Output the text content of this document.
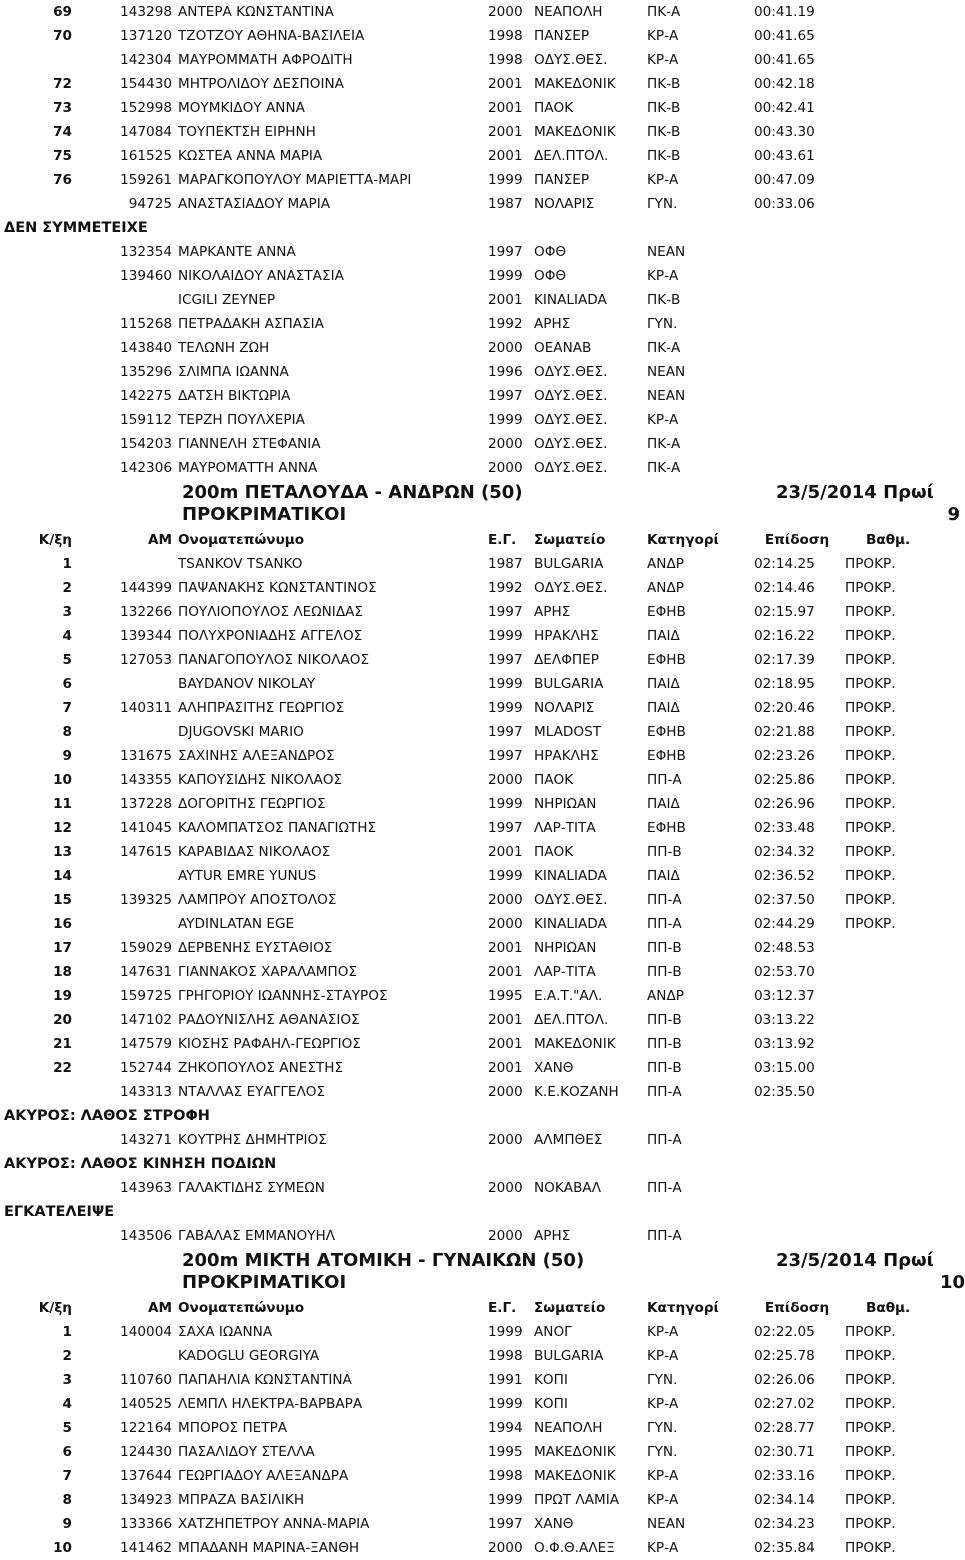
69	143298 ΑΝΤΕΡΑ ΚΩΝΣΤΑΝΤΙΝΑ	2000 ΝΕΑΠΟΛΗ	ΠΚ-Α	00:41.19
70	137120 ΤΖΟΤΖΟΥ ΑΘΗΝΑ-ΒΑΣΙΛΕΙΑ	1998 ΠΑΝΣΕΡ	ΚΡ-Α	00:41.65
142304 ΜΑΥΡΟΜΜΑΤΗ ΑΦΡΟΔΙΤΗ	1998 ΟΔΥΣ.ΘΕΣ.	ΚΡ-Α	00:41.65
72	154430 ΜΗΤΡΟΛΙΔΟΥ ΔΕΣΠΟΙΝΑ	2001 ΜΑΚΕΔΟΝΙΚ	ΠΚ-Β	00:42.18
73	152998 ΜΟΥΜΚΙΔΟΥ ΑΝΝΑ	2001 ΠΑΟΚ	ΠΚ-Β	00:42.41
74	147084 ΤΟΥΠΕΚΤΣΗ ΕΙΡΗΝΗ	2001 ΜΑΚΕΔΟΝΙΚ	ΠΚ-Β	00:43.30
75	161525 ΚΩΣΤΕΑ ΑΝΝΑ ΜΑΡΙΑ	2001 ΔΕΛ.ΠΤΟΛ.	ΠΚ-Β	00:43.61
76	159261 ΜΑΡΑΓΚΟΠΟΥΛΟΥ ΜΑΡΙΕΤΤΑ-ΜΑΡΙ	1999 ΠΑΝΣΕΡ	ΚΡ-Α	00:47.09
94725 ΑΝΑΣΤΑΣΙΑΔΟΥ ΜΑΡΙΑ	1987 ΝΟΛΑΡΙΣ	ΓΥΝ.	00:33.06
ΔΕΝ ΣΥΜΜΕΤΕΙΧΕ
132354 ΜΑΡΚΑΝΤΕ ΑΝΝΑ	1997 ΟΦΘ	ΝΕΑΝ
139460 ΝΙΚΟΛΑΙΔΟΥ ΑΝΑΣΤΑΣΙΑ	1999 ΟΦΘ	ΚΡ-Α
ICGILI ZEYNEP	2001 KINALIADA	ΠΚ-Β
115268 ΠΕΤΡΑΔΑΚΗ ΑΣΠΑΣΙΑ	1992 ΑΡΗΣ	ΓΥΝ.
143840 ΤΕΛΩΝΗ ΖΩΗ	2000 ΟΕΑΝΑΒ	ΠΚ-Α
135296 ΣΛΙΜΠΑ ΙΩΑΝΝΑ	1996 ΟΔΥΣ.ΘΕΣ.	ΝΕΑΝ
142275 ΔΑΤΣΗ ΒΙΚΤΩΡΙΑ	1997 ΟΔΥΣ.ΘΕΣ.	ΝΕΑΝ
159112 ΤΕΡΖΗ ΠΟΥΛΧΕΡΙΑ	1999 ΟΔΥΣ.ΘΕΣ.	ΚΡ-Α
154203 ΓΙΑΝΝΕΛΗ ΣΤΕΦΑΝΙΑ	2000 ΟΔΥΣ.ΘΕΣ.	ΠΚ-Α
142306 ΜΑΥΡΟΜΑΤΤΗ ΑΝΝΑ	2000 ΟΔΥΣ.ΘΕΣ.	ΠΚ-Α
200m ΠΕΤΑΛΟΥΔΑ - ΑΝΔΡΩΝ (50)
ΠΡΟΚΡΙΜΑΤΙΚΟΙ
23/5/2014 Πρωί
9
Κ/ξη	ΑΜ Ονοματεπώνυμο	Ε.Γ.	Σωματείο	Κατηγορί	Επίδοση	Βαθμ.
1	TSANKOV TSANKO	1987 BULGARIA	ΑΝΔΡ	02:14.25	ΠΡΟΚΡ.
2	144399 ΠΑΨΑΝΑΚΗΣ ΚΩΝΣΤΑΝΤΙΝΟΣ	1992 ΟΔΥΣ.ΘΕΣ.	ΑΝΔΡ	02:14.46	ΠΡΟΚΡ.
3	132266 ΠΟΥΛΙΟΠΟΥΛΟΣ ΛΕΩΝΙΔΑΣ	1997 ΑΡΗΣ	ΕΦΗΒ	02:15.97	ΠΡΟΚΡ.
4	139344 ΠΟΛΥΧΡΟΝΙΑΔΗΣ ΑΓΓΕΛΟΣ	1999 ΗΡΑΚΛΗΣ	ΠΑΙΔ	02:16.22	ΠΡΟΚΡ.
5	127053 ΠΑΝΑΓΟΠΟΥΛΟΣ ΝΙΚΟΛΑΟΣ	1997 ΔΕΛΦΠΕΡ	ΕΦΗΒ	02:17.39	ΠΡΟΚΡ.
6	BAYDANOV NIKOLAY	1999 BULGARIA	ΠΑΙΔ	02:18.95	ΠΡΟΚΡ.
7	140311 ΑΛΗΠΡΑΣΙΤΗΣ ΓΕΩΡΓΙΟΣ	1999 ΝΟΛΑΡΙΣ	ΠΑΙΔ	02:20.46	ΠΡΟΚΡ.
8	DJUGOVSKI MARIO	1997 MLADOST	ΕΦΗΒ	02:21.88	ΠΡΟΚΡ.
9	131675 ΣΑΧΙΝΗΣ ΑΛΕΞΑΝΔΡΟΣ	1997 ΗΡΑΚΛΗΣ	ΕΦΗΒ	02:23.26	ΠΡΟΚΡ.
10	143355 ΚΑΠΟΥΣΙΔΗΣ ΝΙΚΟΛΑΟΣ	2000 ΠΑΟΚ	ΠΠ-Α	02:25.86	ΠΡΟΚΡ.
11	137228 ΔΟΓΟΡΙΤΗΣ ΓΕΩΡΓΙΟΣ	1999 ΝΗΡΙΩΑΝ	ΠΑΙΔ	02:26.96	ΠΡΟΚΡ.
12	141045 ΚΑΛΟΜΠΑΤΣΟΣ ΠΑΝΑΓΙΩΤΗΣ	1997 ΛΑΡ-ΤΙΤΑ	ΕΦΗΒ	02:33.48	ΠΡΟΚΡ.
13	147615 ΚΑΡΑΒΙΔΑΣ ΝΙΚΟΛΑΟΣ	2001 ΠΑΟΚ	ΠΠ-Β	02:34.32	ΠΡΟΚΡ.
14	AYTUR EMRE YUNUS	1999 KINALIADA	ΠΑΙΔ	02:36.52	ΠΡΟΚΡ.
15	139325 ΛΑΜΠΡΟΥ ΑΠΟΣΤΟΛΟΣ	2000 ΟΔΥΣ.ΘΕΣ.	ΠΠ-Α	02:37.50	ΠΡΟΚΡ.
16	AYDINLATAN EGE	2000 KINALIADA	ΠΠ-Α	02:44.29	ΠΡΟΚΡ.
17	159029 ΔΕΡΒΕΝΗΣ ΕΥΣΤΑΘΙΟΣ	2001 ΝΗΡΙΩΑΝ	ΠΠ-Β	02:48.53
18	147631 ΓΙΑΝΝΑΚΟΣ ΧΑΡΑΛΑΜΠΟΣ	2001 ΛΑΡ-ΤΙΤΑ	ΠΠ-Β	02:53.70
19	159725 ΓΡΗΓΟΡΙΟΥ ΙΩΑΝΝΗΣ-ΣΤΑΥΡΟΣ	1995 Ε.Α.Τ."ΑΛ.	ΑΝΔΡ	03:12.37
20	147102 ΡΑΔΟΥΝΙΣΛΗΣ ΑΘΑΝΑΣΙΟΣ	2001 ΔΕΛ.ΠΤΟΛ.	ΠΠ-Β	03:13.22
21	147579 ΚΙΟΣΗΣ ΡΑΦΑΗΛ-ΓΕΩΡΓΙΟΣ	2001 ΜΑΚΕΔΟΝΙΚ	ΠΠ-Β	03:13.92
22	152744 ΖΗΚΟΠΟΥΛΟΣ ΑΝΕΣΤΗΣ	2001 ΧΑΝΘ	ΠΠ-Β	03:15.00
143313 ΝΤΑΛΛΑΣ ΕΥΑΓΓΕΛΟΣ	2000 Κ.Ε.ΚΟΖΑΝΗ	ΠΠ-Α	02:35.50
ΑΚΥΡΟΣ: ΛΑΘΟΣ ΣΤΡΟΦΗ
143271 ΚΟΥΤΡΗΣ ΔΗΜΗΤΡΙΟΣ	2000 ΑΛΜΠΘΕΣ	ΠΠ-Α
ΑΚΥΡΟΣ: ΛΑΘΟΣ ΚΙΝΗΣΗ ΠΟΔΙΩΝ
143963 ΓΑΛΑΚΤΙΔΗΣ ΣΥΜΕΩΝ	2000 ΝΟΚΑΒΑΛ	ΠΠ-Α
ΕΓΚΑΤΕΛΕΙΨΕ
143506 ΓΑΒΑΛΑΣ ΕΜΜΑΝΟΥΗΛ	2000 ΑΡΗΣ	ΠΠ-Α
200m ΜΙΚΤΗ ΑΤΟΜΙΚΗ - ΓΥΝΑΙΚΩΝ (50)
ΠΡΟΚΡΙΜΑΤΙΚΟΙ
23/5/2014 Πρωί
10
Κ/ξη	ΑΜ Ονοματεπώνυμο	Ε.Γ.	Σωματείο	Κατηγορί	Επίδοση	Βαθμ.
1	140004 ΣΑΧΑ ΙΩΑΝΝΑ	1999 ΑΝΟΓ	ΚΡ-Α	02:22.05	ΠΡΟΚΡ.
2	KADOGLU GEORGIYA	1998 BULGARIA	ΚΡ-Α	02:25.78	ΠΡΟΚΡ.
3	110760 ΠΑΠΑΗΛΙΑ ΚΩΝΣΤΑΝΤΙΝΑ	1991 ΚΟΠΙ	ΓΥΝ.	02:26.06	ΠΡΟΚΡ.
4	140525 ΛΕΜΠΛ ΗΛΕΚΤΡΑ-ΒΑΡΒΑΡΑ	1999 ΚΟΠΙ	ΚΡ-Α	02:27.02	ΠΡΟΚΡ.
5	122164 ΜΠΟΡΟΣ ΠΕΤΡΑ	1994 ΝΕΑΠΟΛΗ	ΓΥΝ.	02:28.77	ΠΡΟΚΡ.
6	124430 ΠΑΣΑΛΙΔΟΥ ΣΤΕΛΛΑ	1995 ΜΑΚΕΔΟΝΙΚ	ΓΥΝ.	02:30.71	ΠΡΟΚΡ.
7	137644 ΓΕΩΡΓΙΑΔΟΥ ΑΛΕΞΑΝΔΡΑ	1998 ΜΑΚΕΔΟΝΙΚ	ΚΡ-Α	02:33.16	ΠΡΟΚΡ.
8	134923 ΜΠΡΑΖΑ ΒΑΣΙΛΙΚΗ	1999 ΠΡΩΤ ΛΑΜΙΑ	ΚΡ-Α	02:34.14	ΠΡΟΚΡ.
9	133366 ΧΑΤΖΗΠΕΤΡΟΥ ΑΝΝΑ-ΜΑΡΙΑ	1997 ΧΑΝΘ	ΝΕΑΝ	02:34.23	ΠΡΟΚΡ.
10	141462 ΜΠΑΔΑΝΗ ΜΑΡΙΝΑ-ΞΑΝΘΗ	2000 Ο.Φ.Θ.ΑΛΕΞ	ΚΡ-Α	02:35.84	ΠΡΟΚΡ.
